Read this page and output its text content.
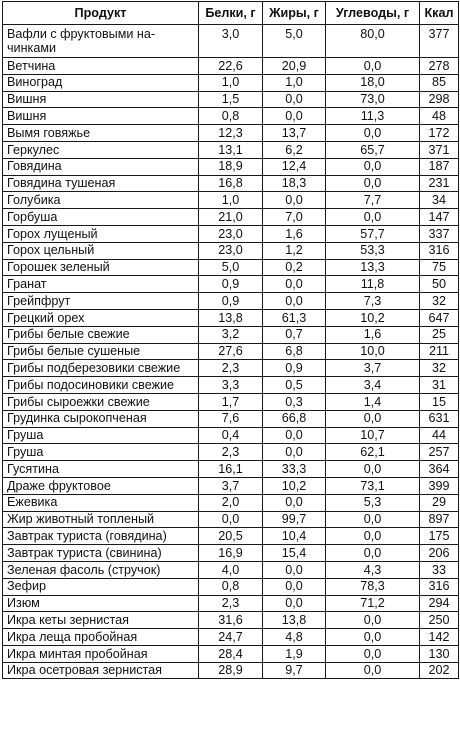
Продукт	Белки, г	Жиры, г	Углеводы, г	Ккал
Вафли с фруктовыми на-
чинками	3,0	5,0	80,0	377
Ветчина	22,6	20,9	0,0	278
Виноград	1,0	1,0	18,0	85
Вишня	1,5	0,0	73,0	298
Вишня	0,8	0,0	11,3	48
Вымя говяжье	12,3	13,7	0,0	172
Геркулес	13,1	6,2	65,7	371
Говядина	18,9	12,4	0,0	187
Говядина тушеная	16,8	18,3	0,0	231
Голубика	1,0	0,0	7,7	34
Горбуша	21,0	7,0	0,0	147
Горох лущеный	23,0	1,6	57,7	337
Горох цельный	23,0	1,2	53,3	316
Горошек зеленый	5,0	0,2	13,3	75
Гранат	0,9	0,0	11,8	50
Грейпфрут	0,9	0,0	7,3	32
Грецкий орех	13,8	61,3	10,2	647
Грибы белые свежие	3,2	0,7	1,6	25
Грибы белые сушеные	27,6	6,8	10,0	211
Грибы подберезовики свежие	2,3	0,9	3,7	32
Грибы подосиновики свежие	3,3	0,5	3,4	31
Грибы сыроежки свежие	1,7	0,3	1,4	15
Грудинка сырокопченая	7,6	66,8	0,0	631
Груша	0,4	0,0	10,7	44
Груша	2,3	0,0	62,1	257
Гусятина	16,1	33,3	0,0	364
Драже фруктовое	3,7	10,2	73,1	399
Ежевика	2,0	0,0	5,3	29
Жир животный топленый	0,0	99,7	0,0	897
Завтрак туриста (говядина)	20,5	10,4	0,0	175
Завтрак туриста (свинина)	16,9	15,4	0,0	206
Зеленая фасоль (стручок)	4,0	0,0	4,3	33
Зефир	0,8	0,0	78,3	316
Изюм	2,3	0,0	71,2	294
Икра кеты зернистая	31,6	13,8	0,0	250
Икра леща пробойная	24,7	4,8	0,0	142
Икра минтая пробойная	28,4	1,9	0,0	130
Икра осетровая зернистая	28,9	9,7	0,0	202
